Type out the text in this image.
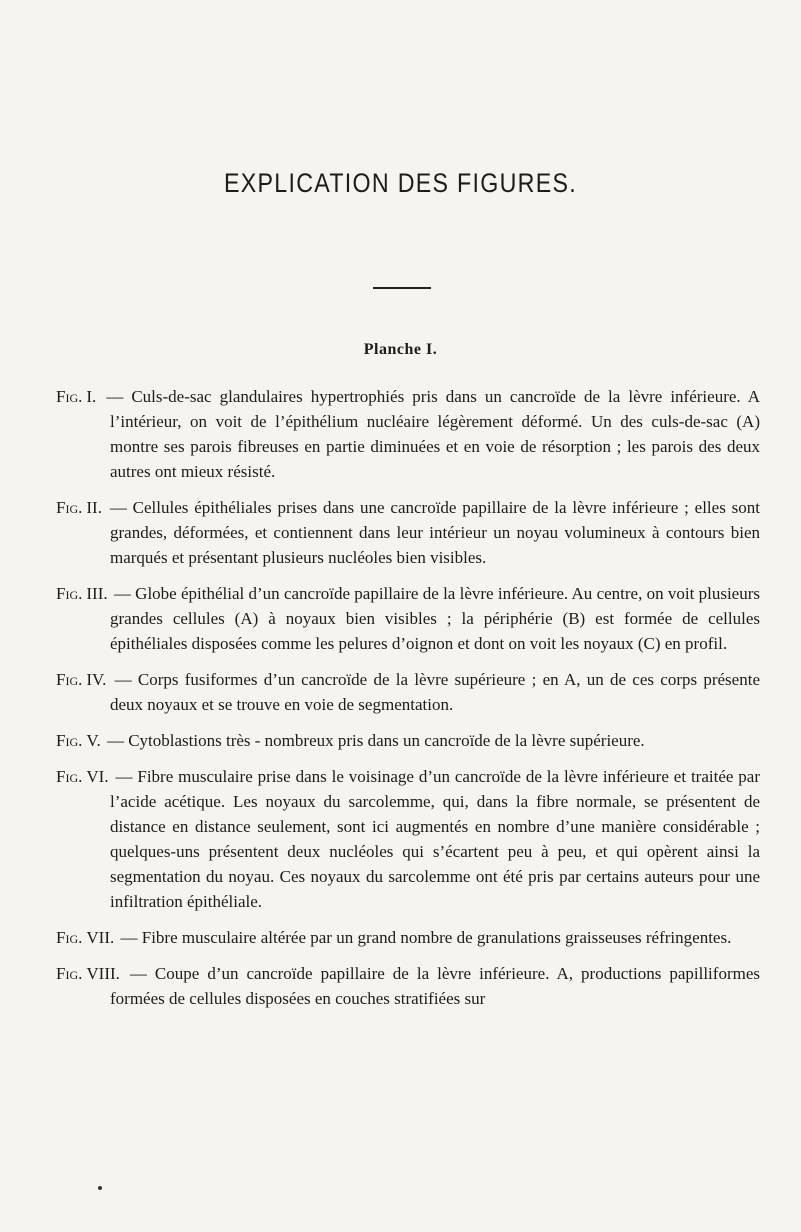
EXPLICATION DES FIGURES.
Planche I.
Fig. I. — Culs-de-sac glandulaires hypertrophiés pris dans un cancroïde de la lèvre inférieure. A l’intérieur, on voit de l’épithélium nucléaire légèrement déformé. Un des culs-de-sac (A) montre ses parois fibreuses en partie diminuées et en voie de résorption ; les parois des deux autres ont mieux résisté.
Fig. II. — Cellules épithéliales prises dans une cancroïde papillaire de la lèvre inférieure ; elles sont grandes, déformées, et contiennent dans leur intérieur un noyau volumineux à contours bien marqués et présentant plusieurs nucléoles bien visibles.
Fig. III. — Globe épithélial d’un cancroïde papillaire de la lèvre inférieure. Au centre, on voit plusieurs grandes cellules (A) à noyaux bien visibles ; la périphérie (B) est formée de cellules épithéliales disposées comme les pelures d’oignon et dont on voit les noyaux (C) en profil.
Fig. IV. — Corps fusiformes d’un cancroïde de la lèvre supérieure ; en A, un de ces corps présente deux noyaux et se trouve en voie de segmentation.
Fig. V. — Cytoblastions très - nombreux pris dans un cancroïde de la lèvre supérieure.
Fig. VI. — Fibre musculaire prise dans le voisinage d’un cancroïde de la lèvre inférieure et traitée par l’acide acétique. Les noyaux du sarcolemme, qui, dans la fibre normale, se présentent de distance en distance seulement, sont ici augmentés en nombre d’une manière considérable ; quelques-uns présentent deux nucléoles qui s’écartent peu à peu, et qui opèrent ainsi la segmentation du noyau. Ces noyaux du sarcolemme ont été pris par certains auteurs pour une infiltration épithéliale.
Fig. VII. — Fibre musculaire altérée par un grand nombre de granulations graisseuses réfringentes.
Fig. VIII. — Coupe d’un cancroïde papillaire de la lèvre inférieure. A, productions papilliformes formées de cellules disposées en couches stratifiées sur
